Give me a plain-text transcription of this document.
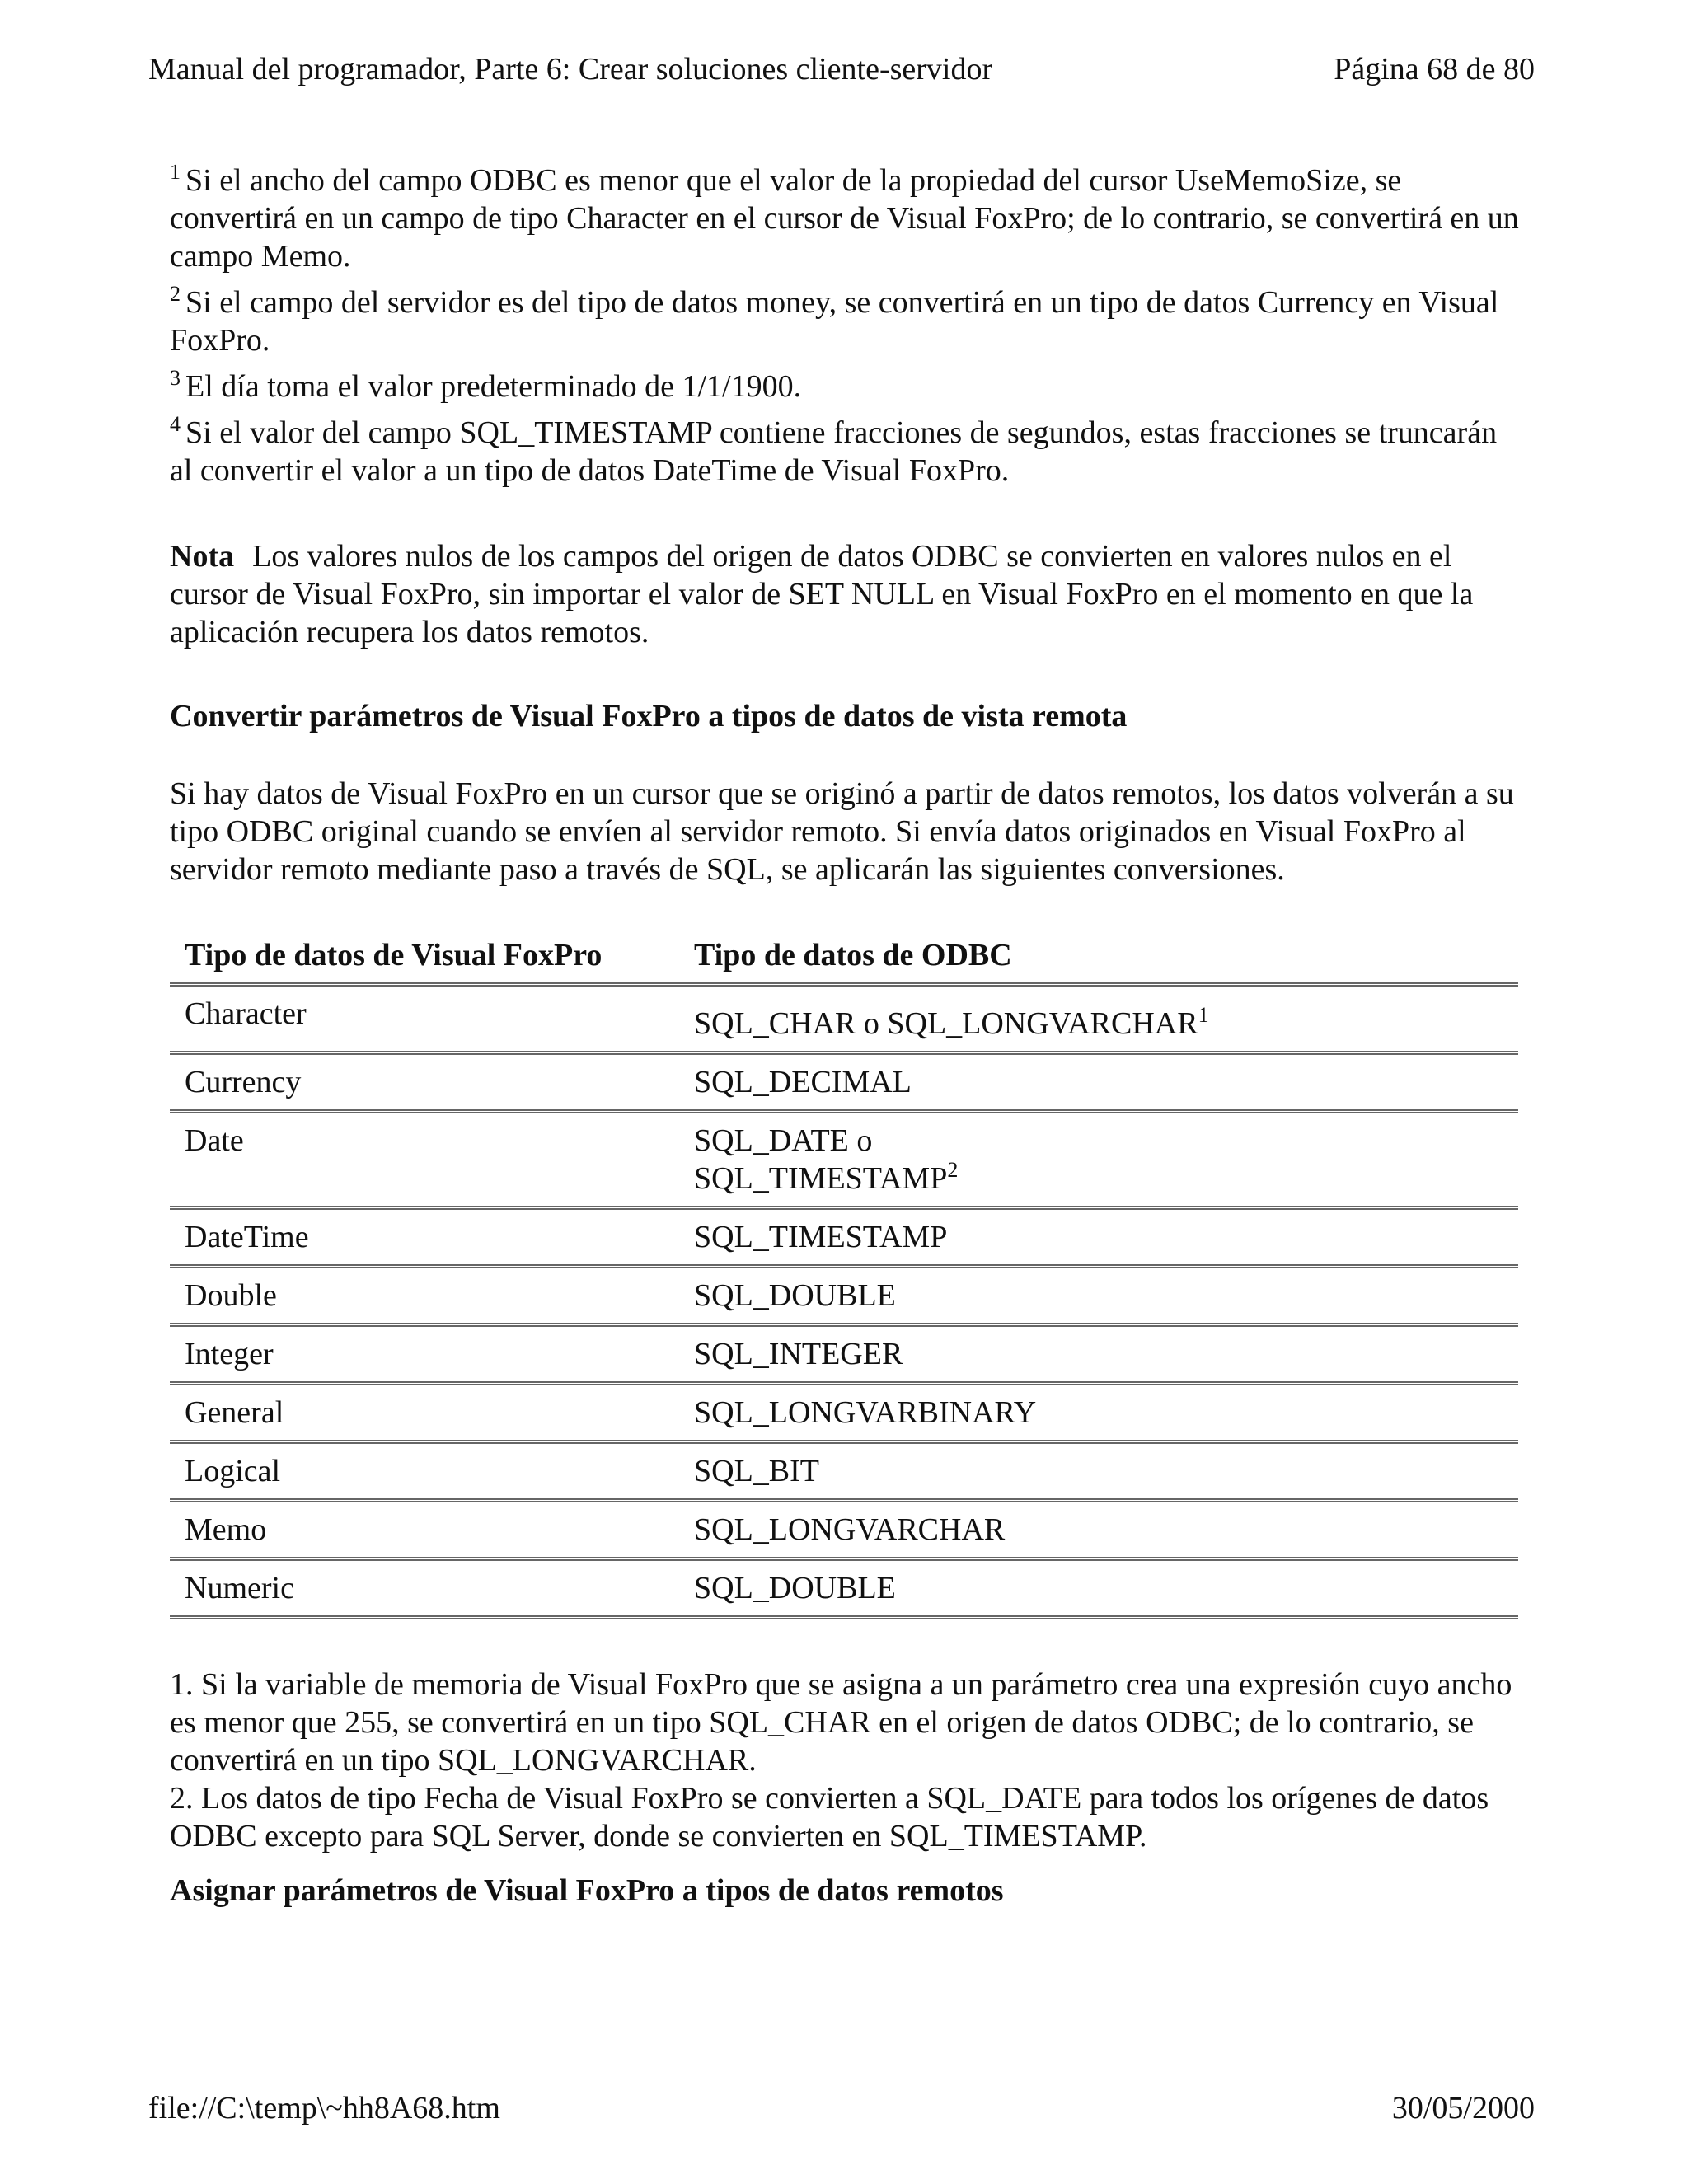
Manual del programador, Parte 6: Crear soluciones cliente-servidor	Página 68 de 80

$^1$ Si el ancho del campo ODBC es menor que el valor de la propiedad del cursor UseMemoSize, se convertirá en un campo de tipo Character en el cursor de Visual FoxPro; de lo contrario, se convertirá en un campo Memo.

$^2$ Si el campo del servidor es del tipo de datos money, se convertirá en un tipo de datos Currency en Visual FoxPro.

$^3$ El día toma el valor predeterminado de 1/1/1900.

$^4$ Si el valor del campo SQL_TIMESTAMP contiene fracciones de segundos, estas fracciones se truncarán al convertir el valor a un tipo de datos DateTime de Visual FoxPro.

Nota Los valores nulos de los campos del origen de datos ODBC se convierten en valores nulos en el cursor de Visual FoxPro, sin importar el valor de SET NULL en Visual FoxPro en el momento en que la aplicación recupera los datos remotos.

Convertir parámetros de Visual FoxPro a tipos de datos de vista remota

Si hay datos de Visual FoxPro en un cursor que se originó a partir de datos remotos, los datos volverán a su tipo ODBC original cuando se envíen al servidor remoto. Si envía datos originados en Visual FoxPro al servidor remoto mediante paso a través de SQL, se aplicarán las siguientes conversiones.

Tipo de datos de Visual FoxPro	Tipo de datos de ODBC
Character	SQL_CHAR o SQL_LONGVARCHAR$^1$

Currency	SQL_DECIMAL

Date	SQL_DATE o
SQL_TIMESTAMP$^2$

DateTime	SQL_TIMESTAMP

Double	SQL_DOUBLE

Integer	SQL_INTEGER

General	SQL_LONGVARBINARY

Logical	SQL_BIT

Memo	SQL_LONGVARCHAR

Numeric	SQL_DOUBLE

1. Si la variable de memoria de Visual FoxPro que se asigna a un parámetro crea una expresión cuyo ancho es menor que 255, se convertirá en un tipo SQL_CHAR en el origen de datos ODBC; de lo contrario, se convertirá en un tipo SQL_LONGVARCHAR.

2. Los datos de tipo Fecha de Visual FoxPro se convierten a SQL_DATE para todos los orígenes de datos ODBC excepto para SQL Server, donde se convierten en SQL_TIMESTAMP.

Asignar parámetros de Visual FoxPro a tipos de datos remotos
file://C:\temp\~hh8A68.htm	30/05/2000
